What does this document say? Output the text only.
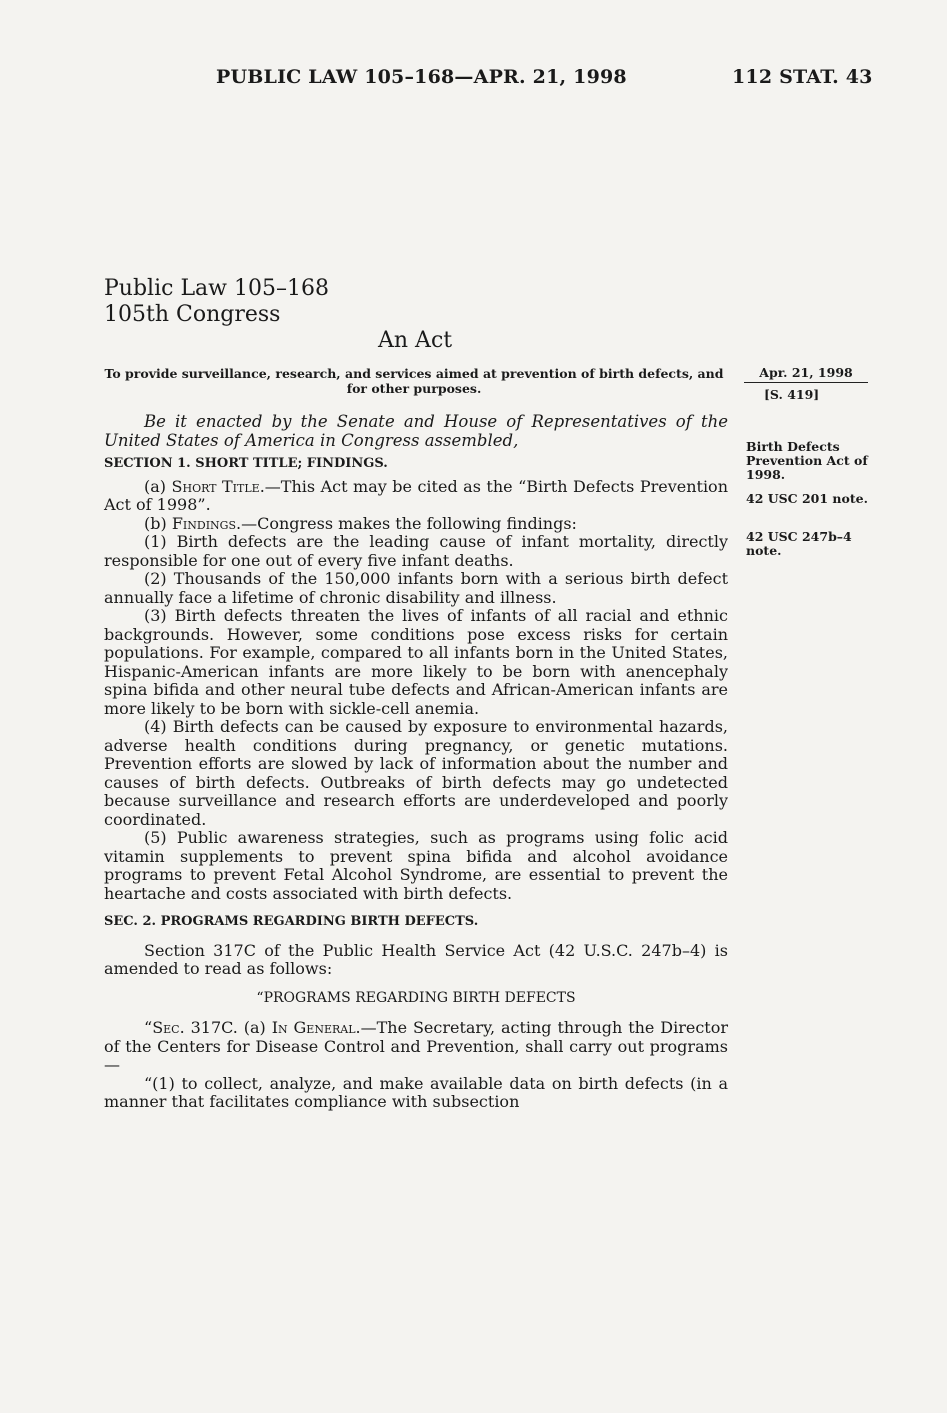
PUBLIC LAW 105–168—APR. 21, 1998	112 STAT. 43
Public Law 105–168
105th Congress
An Act
To provide surveillance, research, and services aimed at prevention of birth defects, and for other purposes.
Apr. 21, 1998
[S. 419]
Birth Defects Prevention Act of 1998.
42 USC 201 note.
42 USC 247b–4 note.

Be it enacted by the Senate and House of Representatives of the United States of America in Congress assembled,

SECTION 1. SHORT TITLE; FINDINGS.

(a) Short Title.—This Act may be cited as the “Birth Defects Prevention Act of 1998”.

(b) Findings.—Congress makes the following findings:

(1) Birth defects are the leading cause of infant mortality, directly responsible for one out of every five infant deaths.

(2) Thousands of the 150,000 infants born with a serious birth defect annually face a lifetime of chronic disability and illness.

(3) Birth defects threaten the lives of infants of all racial and ethnic backgrounds. However, some conditions pose excess risks for certain populations. For example, compared to all infants born in the United States, Hispanic-American infants are more likely to be born with anencephaly spina bifida and other neural tube defects and African-American infants are more likely to be born with sickle-cell anemia.

(4) Birth defects can be caused by exposure to environmental hazards, adverse health conditions during pregnancy, or genetic mutations. Prevention efforts are slowed by lack of information about the number and causes of birth defects. Outbreaks of birth defects may go undetected because surveillance and research efforts are underdeveloped and poorly coordinated.

(5) Public awareness strategies, such as programs using folic acid vitamin supplements to prevent spina bifida and alcohol avoidance programs to prevent Fetal Alcohol Syndrome, are essential to prevent the heartache and costs associated with birth defects.

SEC. 2. PROGRAMS REGARDING BIRTH DEFECTS.

Section 317C of the Public Health Service Act (42 U.S.C. 247b–4) is amended to read as follows:

“PROGRAMS REGARDING BIRTH DEFECTS

“Sec. 317C. (a) In General.—The Secretary, acting through the Director of the Centers for Disease Control and Prevention, shall carry out programs—

“(1) to collect, analyze, and make available data on birth defects (in a manner that facilitates compliance with subsection
